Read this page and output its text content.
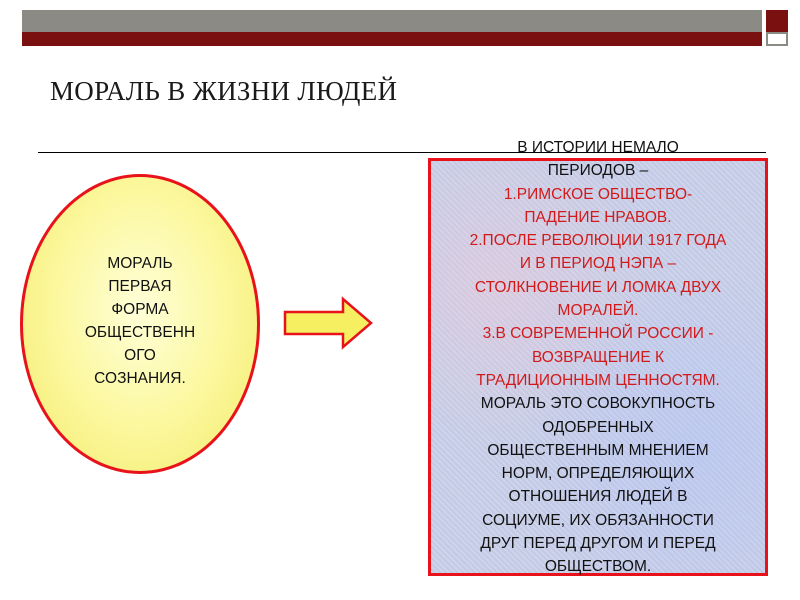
МОРАЛЬ В ЖИЗНИ ЛЮДЕЙ
МОРАЛЬ
ПЕРВАЯ
ФОРМА
ОБЩЕСТВЕНН
ОГО
СОЗНАНИЯ.
В ИСТОРИИ НЕМАЛО
ПЕРИОДОВ –
1.РИМСКОЕ ОБЩЕСТВО-
ПАДЕНИЕ НРАВОВ.
2.ПОСЛЕ РЕВОЛЮЦИИ 1917 ГОДА
И В ПЕРИОД НЭПА –
СТОЛКНОВЕНИЕ И ЛОМКА ДВУХ
МОРАЛЕЙ.
3.В СОВРЕМЕННОЙ РОССИИ -
ВОЗВРАЩЕНИЕ К
ТРАДИЦИОННЫМ ЦЕННОСТЯМ.
МОРАЛЬ ЭТО СОВОКУПНОСТЬ
ОДОБРЕННЫХ
ОБЩЕСТВЕННЫМ МНЕНИЕМ
НОРМ, ОПРЕДЕЛЯЮЩИХ
ОТНОШЕНИЯ ЛЮДЕЙ В
СОЦИУМЕ, ИХ ОБЯЗАННОСТИ
ДРУГ ПЕРЕД ДРУГОМ И ПЕРЕД
ОБЩЕСТВОМ.
